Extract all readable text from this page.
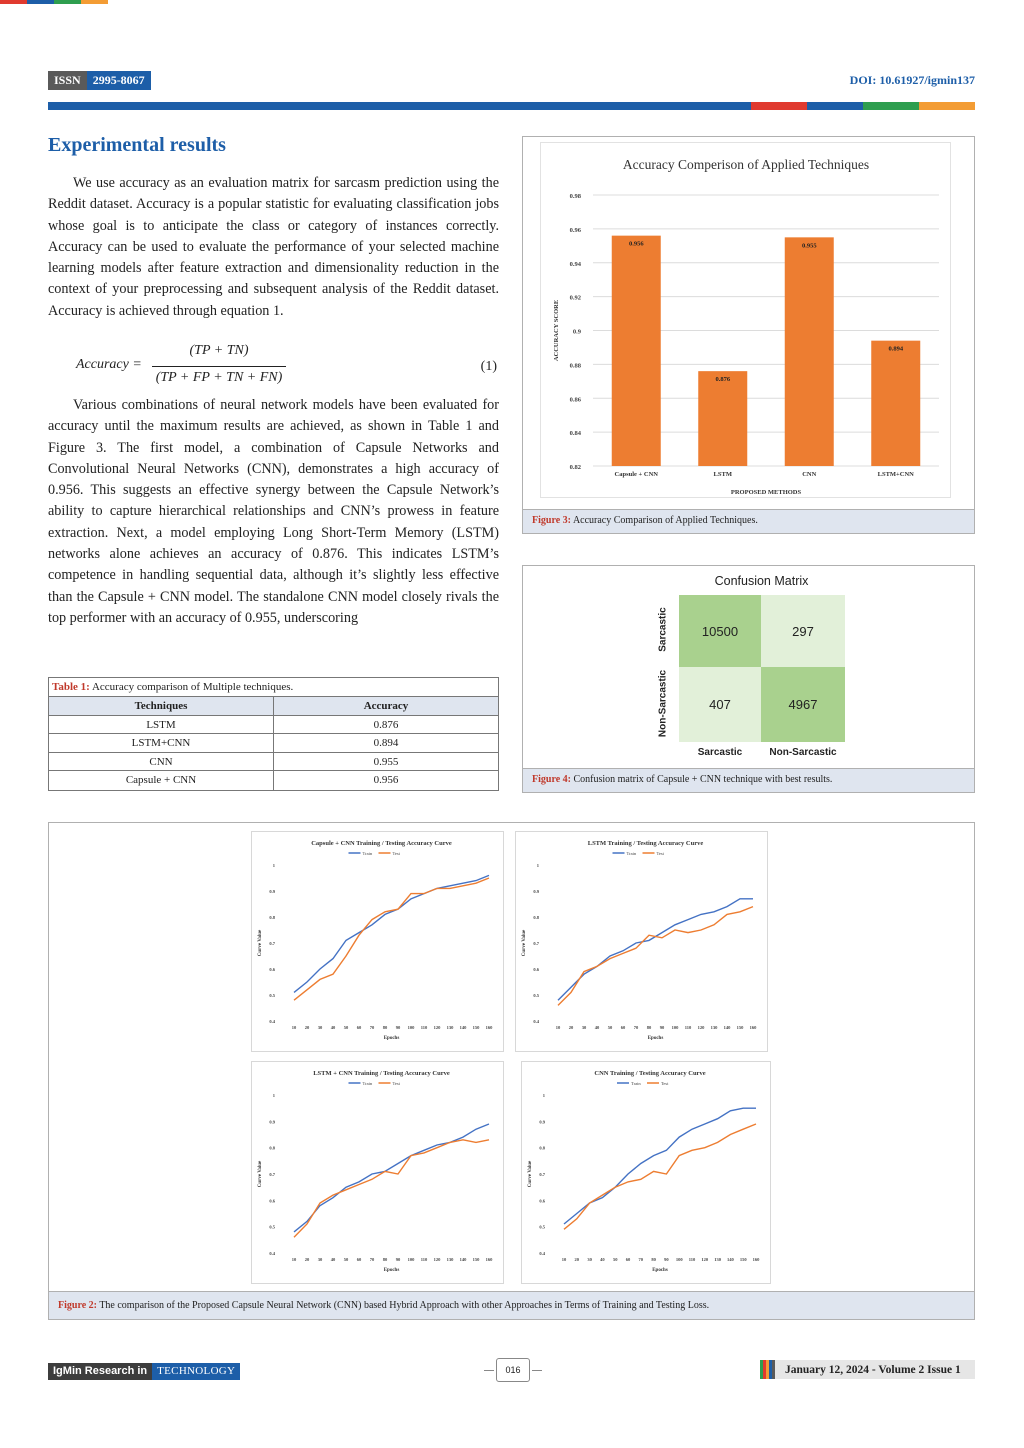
ISSN	2995-8067	DOI: 10.61927/igmin137
Experimental results

We use accuracy as an evaluation matrix for sarcasm prediction using the Reddit dataset. Accuracy is a popular statistic for evaluating classification jobs whose goal is to anticipate the class or category of instances correctly. Accuracy can be used to evaluate the performance of your selected machine learning models after feature extraction and dimensionality reduction in the context of your preprocessing and subsequent analysis of the Reddit dataset. Accuracy is achieved through equation 1.

Accuracy =
(TP + TN)
(TP + FP + TN + FN)
(1)

Various combinations of neural network models have been evaluated for accuracy until the maximum results are achieved, as shown in Table 1 and Figure 3. The first model, a combination of Capsule Networks and Convolutional Neural Networks (CNN), demonstrates a high accuracy of 0.956. This suggests an effective synergy between the Capsule Network’s ability to capture hierarchical relationships and CNN’s prowess in feature extraction. Next, a model employing Long Short-Term Memory (LSTM) networks alone achieves an accuracy of 0.876. This indicates LSTM’s competence in handling sequential data, although it’s slightly less effective than the Capsule + CNN model. The standalone CNN model closely rivals the top performer with an accuracy of 0.955, underscoring

Table 1: Accuracy comparison of Multiple techniques.
Techniques	Accuracy
LSTM	0.876
LSTM+CNN	0.894
CNN	0.955
Capsule + CNN	0.956
Accuracy Comperison of Applied Techniques
0.98
0.96
0.94
0.92
0.9
0.88
0.86
0.84
0.82
0.956
Capsule + CNN
0.876
LSTM
0.955
CNN
0.894
LSTM+CNN
PROPOSED METHODS
ACCURACY SCORE
Figure 3: Accuracy Comparison of Applied Techniques.
Confusion Matrix
10500	297
407	4967
Sarcastic
Non-Sarcastic
Sarcastic	Non-Sarcastic
Figure 4: Confusion matrix of Capsule + CNN technique with best results.
Capsule + CNN Training / Testing Accuracy Curve
Train	Test
1
0.9
0.8
0.7
0.6
0.5
0.4
10 20 30 40 50 60 70 80 90 100 110 120 130 140 150 160
Epochs
Curve Value
LSTM Training / Testing Accuracy Curve
Train	Test
1
0.9
0.8
0.7
0.6
0.5
0.4
10 20 30 40 50 60 70 80 90 100 110 120 130 140 150 160
Epochs
Curve Value
LSTM + CNN Training / Testing Accuracy Curve
Train	Test
1
0.9
0.8
0.7
0.6
0.5
0.4
10 20 30 40 50 60 70 80 90 100 110 120 130 140 150 160
Epochs
Curve Value
CNN Training / Testing Accuracy Curve
Train	Test
1
0.9
0.8
0.7
0.6
0.5
0.4
10 20 30 40 50 60 70 80 90 100 110 120 130 140 150 160
Epochs
Curve Value
Figure 2: The comparison of the Proposed Capsule Neural Network (CNN) based Hybrid Approach with other Approaches in Terms of Training and Testing Loss.
IgMin Research in TECHNOLOGY	016	January 12, 2024 - Volume 2 Issue 1
